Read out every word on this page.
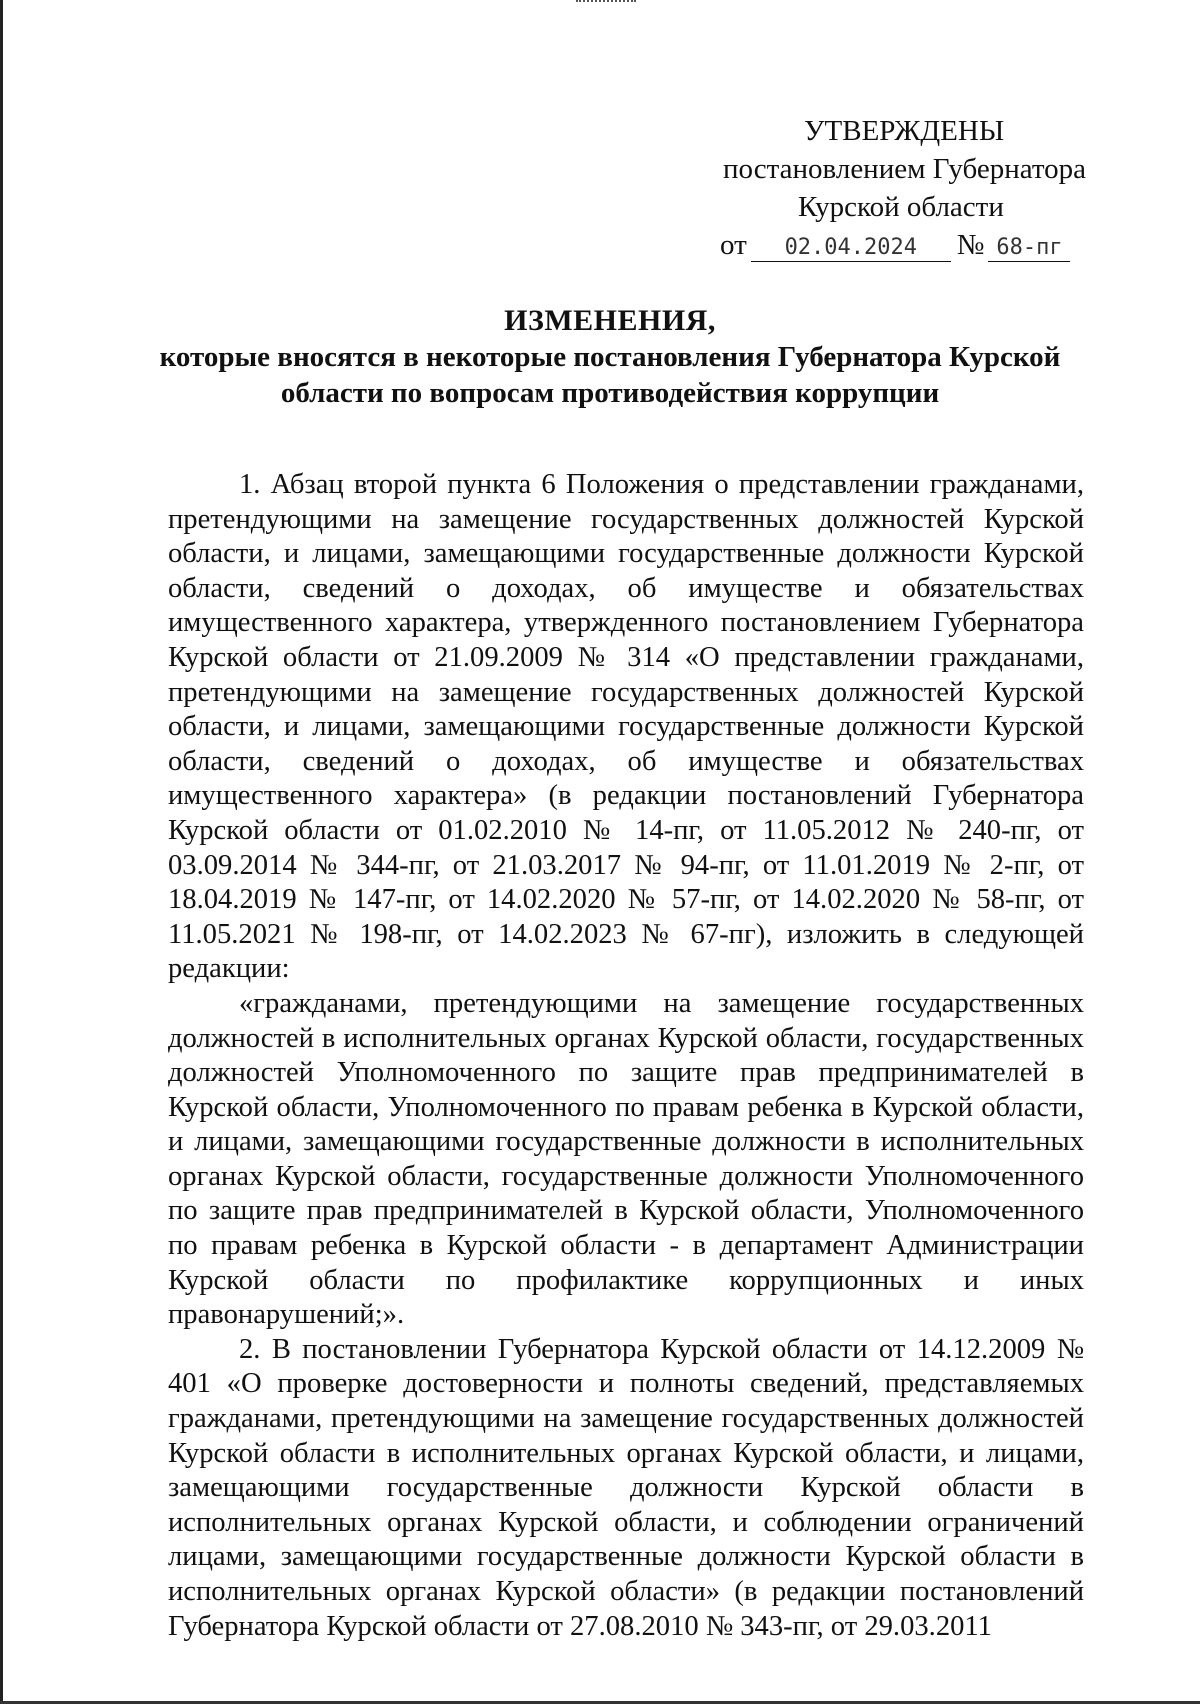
УТВЕРЖДЕНЫ
постановлением Губернатора
Курской области
от 02.04.2024 № 68-пг
ИЗМЕНЕНИЯ,
которые вносятся в некоторые постановления Губернатора Курской
области по вопросам противодействия коррупции

1. Абзац второй пункта 6 Положения о представлении гражданами, претендующими на замещение государственных должностей Курской области, и лицами, замещающими государственные должности Курской области, сведений о доходах, об имуществе и обязательствах имущественного характера, утвержденного постановлением Губернатора Курской области от 21.09.2009 № 314 «О представлении гражданами, претендующими на замещение государственных должностей Курской области, и лицами, замещающими государственные должности Курской области, сведений о доходах, об имуществе и обязательствах имущественного характера» (в редакции постановлений Губернатора Курской области от 01.02.2010 № 14-пг, от 11.05.2012 № 240-пг, от 03.09.2014 № 344-пг, от 21.03.2017 № 94-пг, от 11.01.2019 № 2-пг, от 18.04.2019 № 147-пг, от 14.02.2020 № 57-пг, от 14.02.2020 № 58-пг, от 11.05.2021 № 198-пг, от 14.02.2023 № 67-пг), изложить в следующей редакции:

«гражданами, претендующими на замещение государственных должностей в исполнительных органах Курской области, государственных должностей Уполномоченного по защите прав предпринимателей в Курской области, Уполномоченного по правам ребенка в Курской области, и лицами, замещающими государственные должности в исполнительных органах Курской области, государственные должности Уполномоченного по защите прав предпринимателей в Курской области, Уполномоченного по правам ребенка в Курской области - в департамент Администрации Курской области по профилактике коррупционных и иных правонарушений;».

2. В постановлении Губернатора Курской области от 14.12.2009 № 401 «О проверке достоверности и полноты сведений, представляемых гражданами, претендующими на замещение государственных должностей Курской области в исполнительных органах Курской области, и лицами, замещающими государственные должности Курской области в исполнительных органах Курской области, и соблюдении ограничений лицами, замещающими государственные должности Курской области в исполнительных органах Курской области» (в редакции постановлений Губернатора Курской области от 27.08.2010 № 343-пг, от 29.03.2011
